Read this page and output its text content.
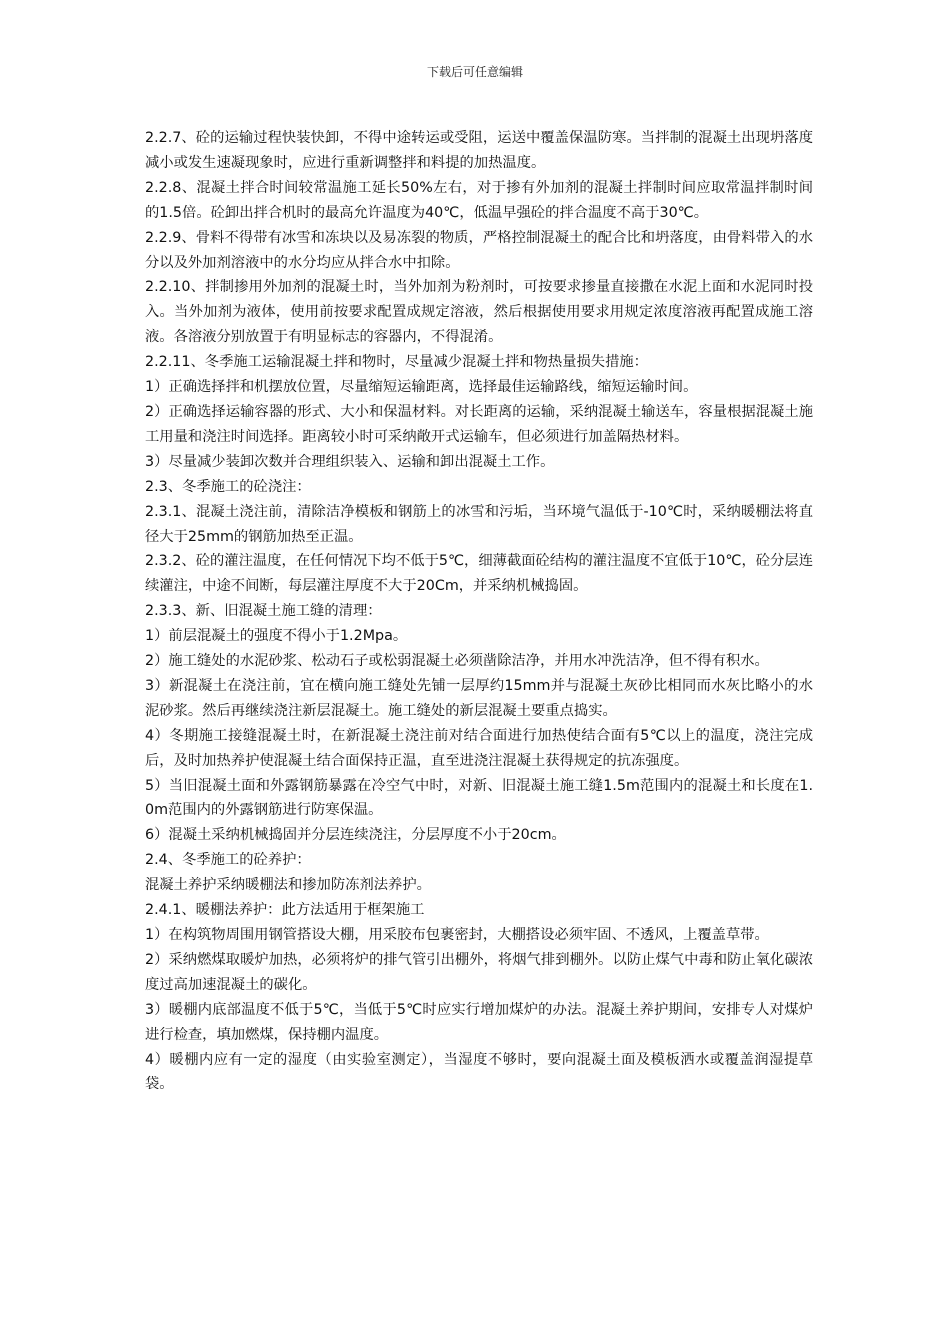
下载后可任意编辑

2.2.7、砼的运输过程快装快卸，不得中途转运或受阻，运送中覆盖保温防寒。当拌制的混凝土出现坍落度减小或发生速凝现象时，应进行重新调整拌和料提的加热温度。

2.2.8、混凝土拌合时间较常温施工延长50%左右，对于掺有外加剂的混凝土拌制时间应取常温拌制时间的1.5倍。砼卸出拌合机时的最高允许温度为40℃，低温早强砼的拌合温度不高于30℃。

2.2.9、骨料不得带有冰雪和冻块以及易冻裂的物质，严格控制混凝土的配合比和坍落度，由骨料带入的水分以及外加剂溶液中的水分均应从拌合水中扣除。

2.2.10、拌制掺用外加剂的混凝土时，当外加剂为粉剂时，可按要求掺量直接撒在水泥上面和水泥同时投入。当外加剂为液体，使用前按要求配置成规定溶液，然后根据使用要求用规定浓度溶液再配置成施工溶液。各溶液分别放置于有明显标志的容器内，不得混淆。

2.2.11、冬季施工运输混凝土拌和物时，尽量减少混凝土拌和物热量损失措施：

1）正确选择拌和机摆放位置，尽量缩短运输距离，选择最佳运输路线，缩短运输时间。

2）正确选择运输容器的形式、大小和保温材料。对长距离的运输，采纳混凝土输送车，容量根据混凝土施工用量和浇注时间选择。距离较小时可采纳敞开式运输车，但必须进行加盖隔热材料。

3）尽量减少装卸次数并合理组织装入、运输和卸出混凝土工作。

2.3、冬季施工的砼浇注：

2.3.1、混凝土浇注前，清除洁净模板和钢筋上的冰雪和污垢，当环境气温低于-10℃时，采纳暖棚法将直径大于25mm的钢筋加热至正温。

2.3.2、砼的灌注温度，在任何情况下均不低于5℃，细薄截面砼结构的灌注温度不宜低于10℃，砼分层连续灌注，中途不间断，每层灌注厚度不大于20Cm，并采纳机械捣固。

2.3.3、新、旧混凝土施工缝的清理：

1）前层混凝土的强度不得小于1.2Mpa。

2）施工缝处的水泥砂浆、松动石子或松弱混凝土必须凿除洁净，并用水冲洗洁净，但不得有积水。

3）新混凝土在浇注前，宜在横向施工缝处先铺一层厚约15mm并与混凝土灰砂比相同而水灰比略小的水泥砂浆。然后再继续浇注新层混凝土。施工缝处的新层混凝土要重点捣实。

4）冬期施工接缝混凝土时，在新混凝土浇注前对结合面进行加热使结合面有5℃以上的温度，浇注完成后，及时加热养护使混凝土结合面保持正温，直至进浇注混凝土获得规定的抗冻强度。

5）当旧混凝土面和外露钢筋暴露在冷空气中时，对新、旧混凝土施工缝1.5m范围内的混凝土和长度在1.0m范围内的外露钢筋进行防寒保温。

6）混凝土采纳机械捣固并分层连续浇注，分层厚度不小于20cm。

2.4、冬季施工的砼养护：

混凝土养护采纳暖棚法和掺加防冻剂法养护。

2.4.1、暖棚法养护：此方法适用于框架施工

1）在构筑物周围用钢管搭设大棚，用采胶布包裹密封，大棚搭设必须牢固、不透风，上覆盖草带。

2）采纳燃煤取暖炉加热，必须将炉的排气管引出棚外，将烟气排到棚外。以防止煤气中毒和防止氧化碳浓度过高加速混凝土的碳化。

3）暖棚内底部温度不低于5℃，当低于5℃时应实行增加煤炉的办法。混凝土养护期间，安排专人对煤炉进行检查，填加燃煤，保持棚内温度。

4）暖棚内应有一定的湿度（由实验室测定），当湿度不够时，要向混凝土面及模板洒水或覆盖润湿提草袋。
